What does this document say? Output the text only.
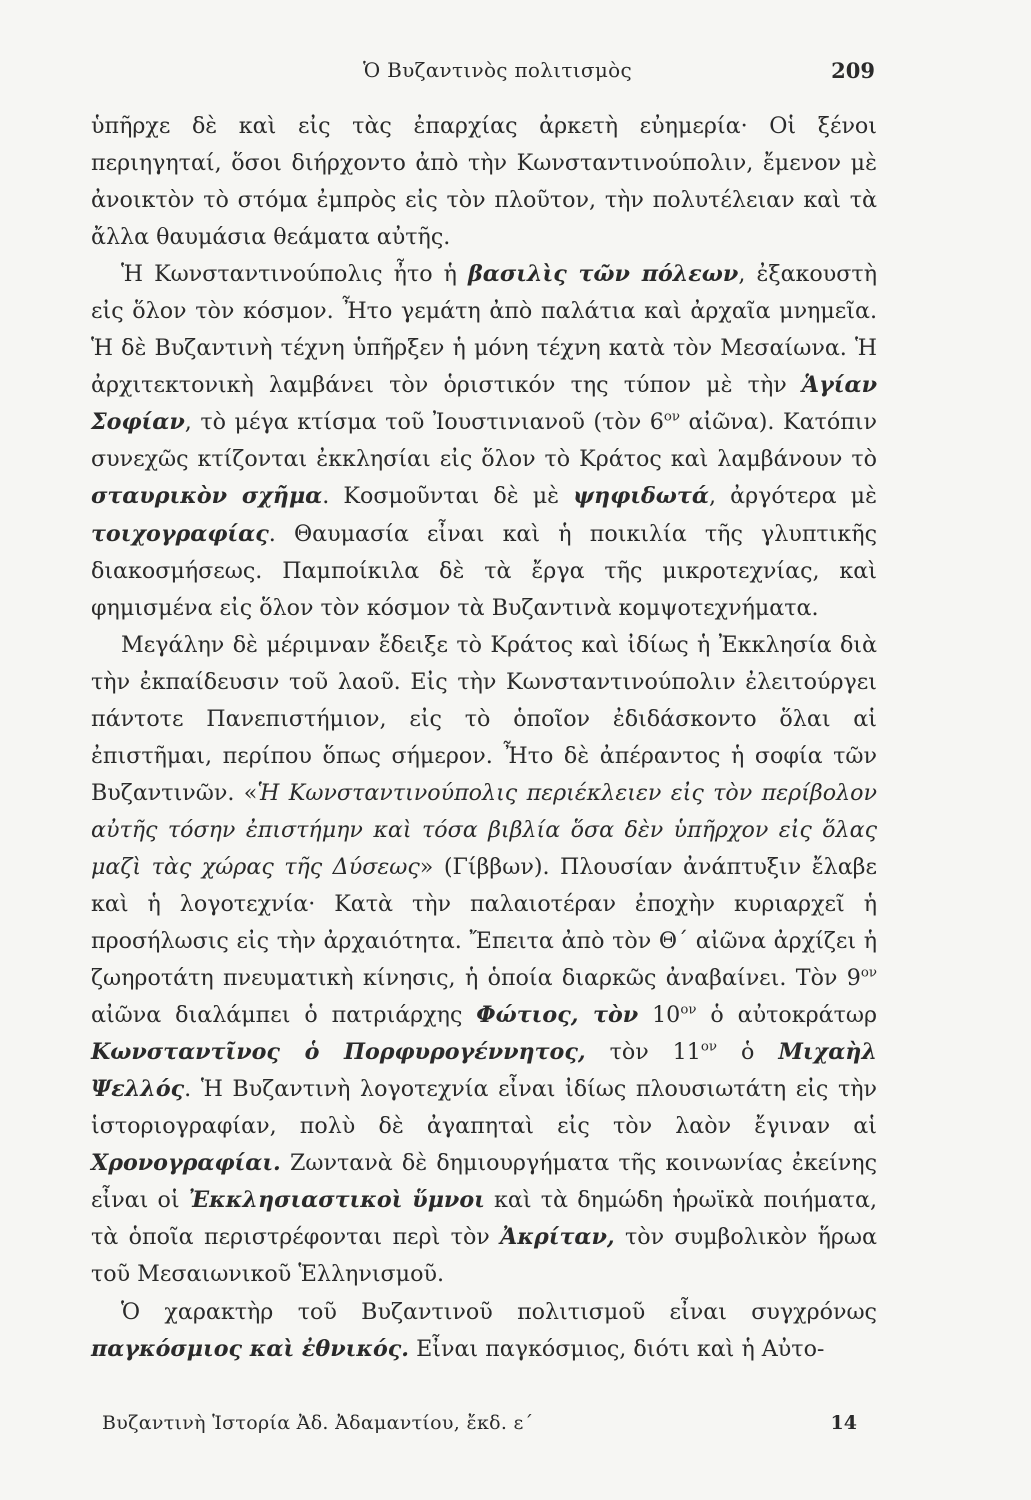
Ὁ Βυζαντινὸς πολιτισμὸς	209

ὑπῆρχε δὲ καὶ εἰς τὰς ἐπαρχίας ἀρκετὴ εὐημερία· Οἱ ξένοι περιηγηταί, ὅσοι διήρχοντο ἀπὸ τὴν Κωνσταντινούπολιν, ἔμενον μὲ ἀνοικτὸν τὸ στόμα ἐμπρὸς εἰς τὸν πλοῦτον, τὴν πολυτέλειαν καὶ τὰ ἄλλα θαυμάσια θεάματα αὐτῆς.

Ἡ Κωνσταντινούπολις ἦτο ἡ βασιλὶς τῶν πόλεων, ἐξακουστὴ εἰς ὅλον τὸν κόσμον. Ἦτο γεμάτη ἀπὸ παλάτια καὶ ἀρχαῖα μνημεῖα. Ἡ δὲ Βυζαντινὴ τέχνη ὑπῆρξεν ἡ μόνη τέχνη κατὰ τὸν Μεσαίωνα. Ἡ ἀρχιτεκτονικὴ λαμβάνει τὸν ὁριστικόν της τύπον μὲ τὴν Ἁγίαν Σοφίαν, τὸ μέγα κτίσμα τοῦ Ἰουστινιανοῦ (τὸν $6^{o\nu}$ αἰῶνα). Κατόπιν συνεχῶς κτίζονται ἐκκλησίαι εἰς ὅλον τὸ Κράτος καὶ λαμβάνουν τὸ σταυρικὸν σχῆμα. Κοσμοῦνται δὲ μὲ ψηφιδωτά, ἀργότερα μὲ τοιχογραφίας. Θαυμασία εἶναι καὶ ἡ ποικιλία τῆς γλυπτικῆς διακοσμήσεως. Παμποίκιλα δὲ τὰ ἔργα τῆς μικροτεχνίας, καὶ φημισμένα εἰς ὅλον τὸν κόσμον τὰ Βυζαντινὰ κομψοτεχνήματα.

Μεγάλην δὲ μέριμναν ἔδειξε τὸ Κράτος καὶ ἰδίως ἡ Ἐκκλησία διὰ τὴν ἐκπαίδευσιν τοῦ λαοῦ. Εἰς τὴν Κωνσταντινούπολιν ἐλειτούργει πάντοτε Πανεπιστήμιον, εἰς τὸ ὁποῖον ἐδιδάσκοντο ὅλαι αἱ ἐπιστῆμαι, περίπου ὅπως σήμερον. Ἦτο δὲ ἀπέραντος ἡ σοφία τῶν Βυζαντινῶν. «Ἡ Κωνσταντινούπολις περιέκλειεν εἰς τὸν περίβολον αὐτῆς τόσην ἐπιστήμην καὶ τόσα βιβλία ὅσα δὲν ὑπῆρχον εἰς ὅλας μαζὶ τὰς χώρας τῆς Δύσεως» (Γίββων). Πλουσίαν ἀνάπτυξιν ἔλαβε καὶ ἡ λογοτεχνία· Κατὰ τὴν παλαιοτέραν ἐποχὴν κυριαρχεῖ ἡ προσήλωσις εἰς τὴν ἀρχαιότητα. Ἔπειτα ἀπὸ τὸν Θ΄ αἰῶνα ἀρχίζει ἡ ζωηροτάτη πνευματικὴ κίνησις, ἡ ὁποία διαρκῶς ἀναβαίνει. Τὸν $9^{o\nu}$ αἰῶνα διαλάμπει ὁ πατριάρχης Φώτιος, τὸν $10^{o\nu}$ ὁ αὐτοκράτωρ Κωνσταντῖνος ὁ Πορφυρογέννητος, τὸν $11^{o\nu}$ ὁ Μιχαὴλ Ψελλός. Ἡ Βυζαντινὴ λογοτεχνία εἶναι ἰδίως πλουσιωτάτη εἰς τὴν ἱστοριογραφίαν, πολὺ δὲ ἀγαπηταὶ εἰς τὸν λαὸν ἔγιναν αἱ Χρονογραφίαι. Ζωντανὰ δὲ δημιουργήματα τῆς κοινωνίας ἐκείνης εἶναι οἱ Ἐκκλησιαστικοὶ ὕμνοι καὶ τὰ δημώδη ἡρωϊκὰ ποιήματα, τὰ ὁποῖα περιστρέφονται περὶ τὸν Ἀκρίταν, τὸν συμβολικὸν ἥρωα τοῦ Μεσαιωνικοῦ Ἑλληνισμοῦ.

Ὁ χαρακτὴρ τοῦ Βυζαντινοῦ πολιτισμοῦ εἶναι συγχρόνως παγκόσμιος καὶ ἐθνικός. Εἶναι παγκόσμιος, διότι καὶ ἡ Αὐτο-

Βυζαντινὴ Ἱστορία Ἀδ. Ἀδαμαντίου, ἔκδ. ε΄	14
